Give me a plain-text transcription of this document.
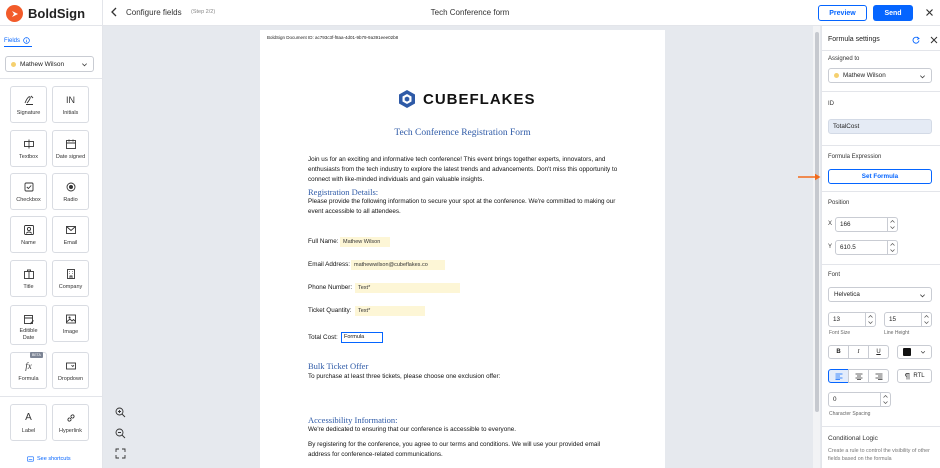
BoldSign	Configure fields (Step 2/2)	Tech Conference form	Preview	Send
Fields
Mathew Wilson
Signature
IN
Initials
Textbox	Date signed
Checkbox	Radio
Name	Email
Title	Company
Editible Date
Image
BETA
fx
Formula	Dropdown
A
Label	Hyperlink
See shortcuts
BoldSign Document ID: ac793c3f-f8aa-4d01-9b79-9a391eee02b8
CUBEFLAKES
Tech Conference Registration Form
Join us for an exciting and informative tech conference! This event brings together experts, innovators, and enthusiasts from the tech industry to explore the latest trends and advancements. Don't miss this opportunity to connect with like-minded individuals and gain valuable insights.
Registration Details:
Please provide the following information to secure your spot at the conference. We're committed to making our event accessible to all attendees.
Full Name: Mathew Wilson
Email Address: mathewwilson@cubeflakes.co
Phone Number:	Text*
Ticket Quantity:	Text*
Total Cost:	Formula
Bulk Ticket Offer
To purchase at least three tickets, please choose one exclusion offer:
Accessibility Information:
We're dedicated to ensuring that our conference is accessible to everyone.
By registering for the conference, you agree to our terms and conditions. We will use your provided email address for conference-related communications.
Formula settings
Assigned to
Mathew Wilson
ID
TotalCost
Formula Expression
Set Formula
Position
X	166
Y	610.5
Font
Helvetica
13	15
Font Size	Line Height
B	I	U
RTL
0
Character Spacing
Conditional Logic
Create a rule to control the visibility of other fields based on the formula
